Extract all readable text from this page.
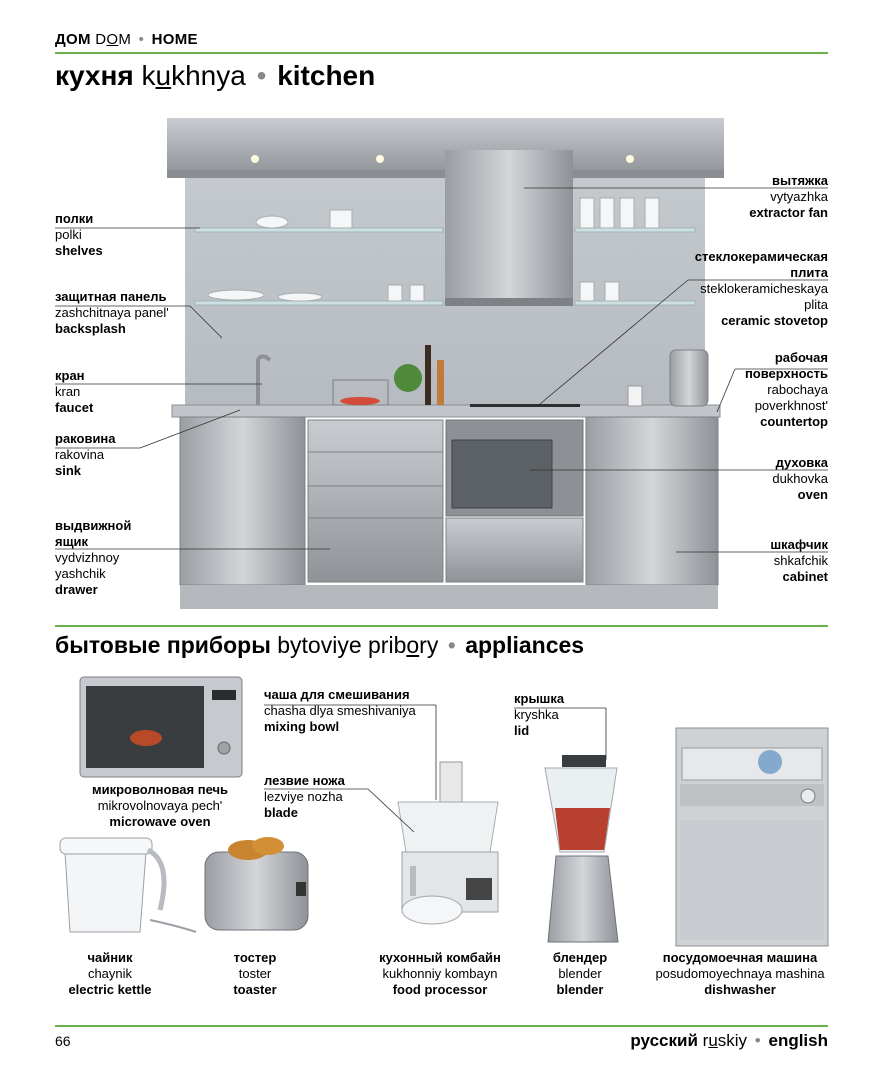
ДОМ DOM • HOME
кухня kukhnya • kitchen
полки
polki
shelves
защитная панель
zashchitnaya panel'
backsplash
кран
kran
faucet
раковина
rakovina
sink
выдвижной
ящик
vydvizhnoy
yashchik
drawer
вытяжка
vytyazhka
extractor fan
стеклокерамическая
плита
steklokeramicheskaya
plita
ceramic stovetop
рабочая
поверхность
rabochaya
poverkhnost'
countertop
духовка
dukhovka
oven
шкафчик
shkafchik
cabinet
бытовые приборы bytoviye pribory • appliances
чаша для смешивания
chasha dlya smeshivaniya
mixing bowl
лезвие ножа
lezviye nozha
blade
крышка
kryshka
lid
микроволновая печь
mikrovolnovaya pech'
microwave oven
чайник
chaynik
electric kettle
тостер
toster
toaster
кухонный комбайн
kukhonniy kombayn
food processor
блендер
blender
blender
посудомоечная машина
posudomoyechnaya mashina
dishwasher
66	русский ruskiy • english
